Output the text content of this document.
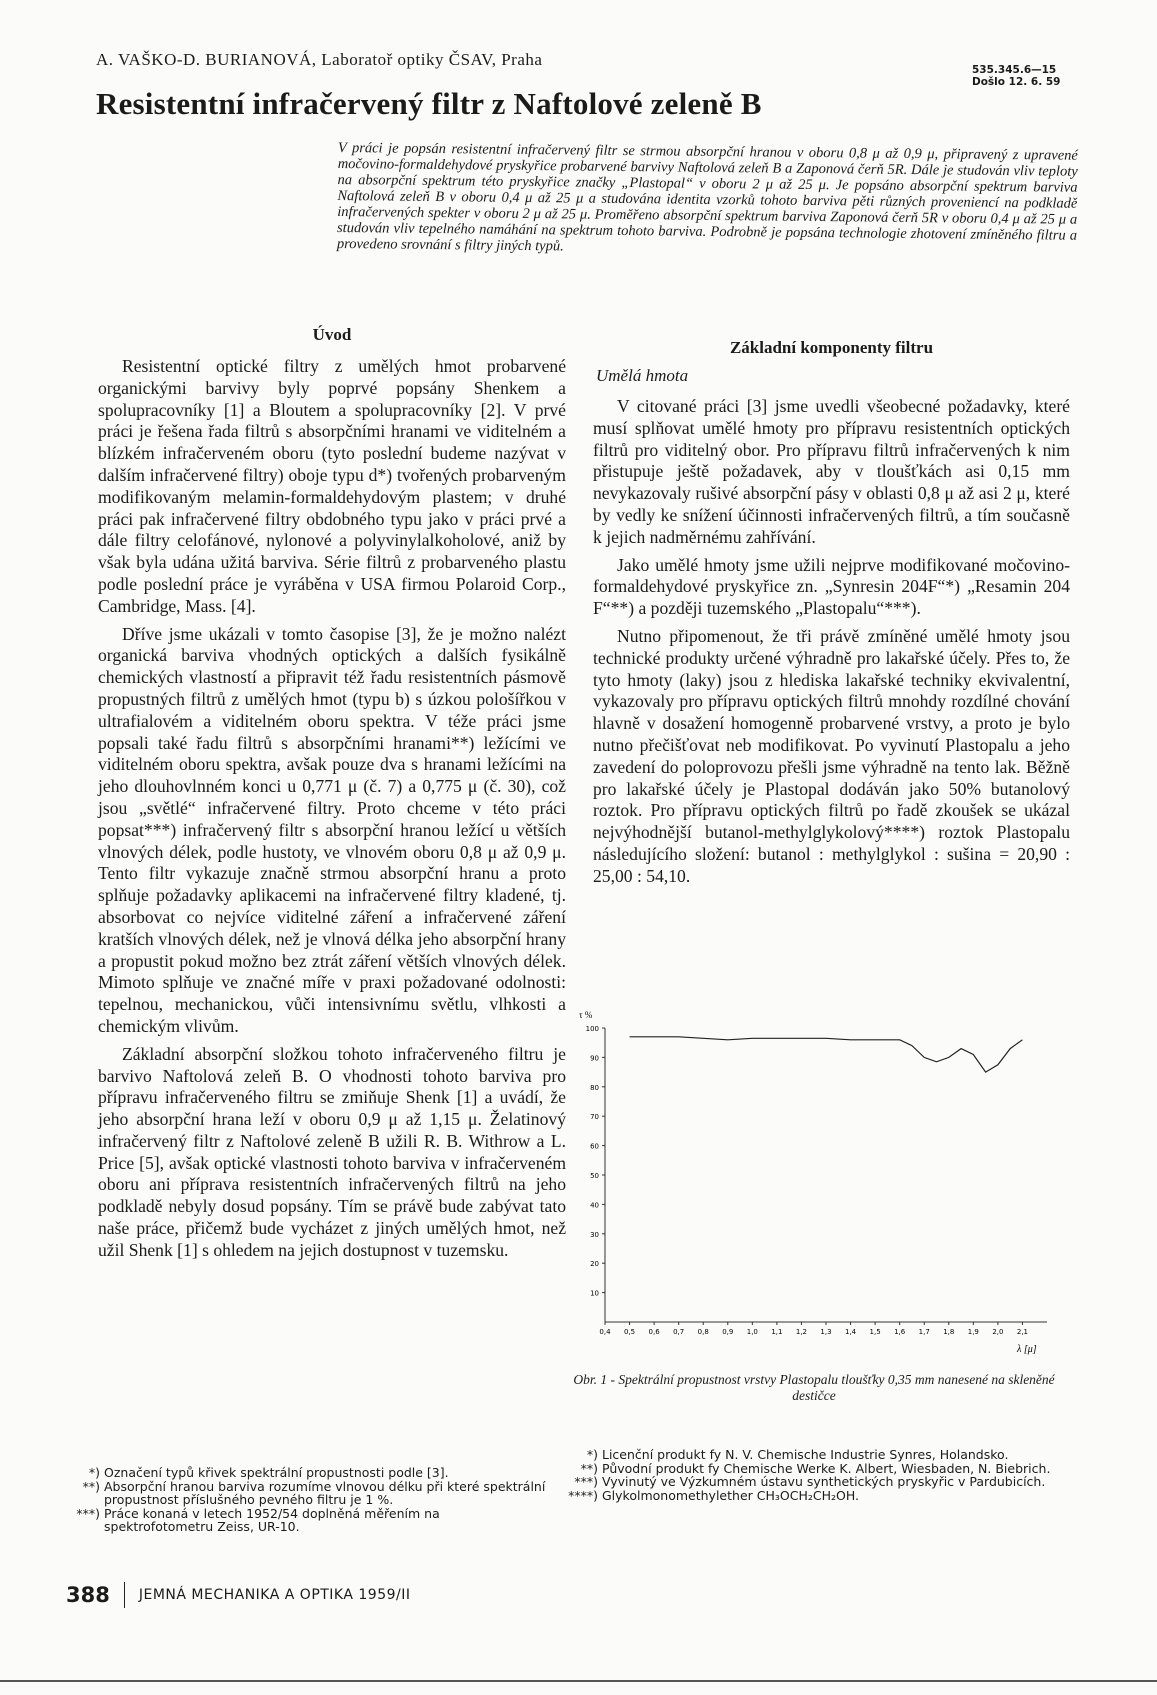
A. VAŠKO-D. BURIANOVÁ, Laboratoř optiky ČSAV, Praha
535.345.6—15
Došlo 12. 6. 59
Resistentní infračervený filtr z Naftolové zeleně B
V práci je popsán resistentní infračervený filtr se strmou absorpční hranou v oboru 0,8 μ až 0,9 μ, připravený z upravené močovino-formaldehydové pryskyřice probarvené barvivy Naftolová zeleň B a Zaponová čerň 5R. Dále je studován vliv teploty na absorpční spektrum této pryskyřice značky „Plastopal“ v oboru 2 μ až 25 μ. Je popsáno absorpční spektrum barviva Naftolová zeleň B v oboru 0,4 μ až 25 μ a studována identita vzorků tohoto barviva pěti různých proveniencí na podkladě infračervených spekter v oboru 2 μ až 25 μ. Proměřeno absorpční spektrum barviva Zaponová čerň 5R v oboru 0,4 μ až 25 μ a studován vliv tepelného namáhání na spektrum tohoto barviva. Podrobně je popsána technologie zhotovení zmíněného filtru a provedeno srovnání s filtry jiných typů.
Úvod

Resistentní optické filtry z umělých hmot probarvené organickými barvivy byly poprvé popsány Shenkem a spolupracovníky [1] a Bloutem a spolupracovníky [2]. V prvé práci je řešena řada filtrů s absorpčními hranami ve viditelném a blízkém infračerveném oboru (tyto poslední budeme nazývat v dalším infračervené filtry) oboje typu d*) tvořených probarveným modifikovaným melamin-formaldehydovým plastem; v druhé práci pak infračervené filtry obdobného typu jako v práci prvé a dále filtry celofánové, nylonové a polyvinylalkoholové, aniž by však byla udána užitá barviva. Série filtrů z probarveného plastu podle poslední práce je vyráběna v USA firmou Polaroid Corp., Cambridge, Mass. [4].

Dříve jsme ukázali v tomto časopise [3], že je možno nalézt organická barviva vhodných optických a dalších fysikálně chemických vlastností a připravit též řadu resistentních pásmově propustných filtrů z umělých hmot (typu b) s úzkou pološířkou v ultrafialovém a viditelném oboru spektra. V téže práci jsme popsali také řadu filtrů s absorpčními hranami**) ležícími ve viditelném oboru spektra, avšak pouze dva s hranami ležícími na jeho dlouhovlnném konci u 0,771 μ (č. 7) a 0,775 μ (č. 30), což jsou „světlé“ infračervené filtry. Proto chceme v této práci popsat***) infračervený filtr s absorpční hranou ležící u větších vlnových délek, podle hustoty, ve vlnovém oboru 0,8 μ až 0,9 μ. Tento filtr vykazuje značně strmou absorpční hranu a proto splňuje požadavky aplikacemi na infračervené filtry kladené, tj. absorbovat co nejvíce viditelné záření a infračervené záření kratších vlnových délek, než je vlnová délka jeho absorpční hrany a propustit pokud možno bez ztrát záření větších vlnových délek. Mimoto splňuje ve značné míře v praxi požadované odolnosti: tepelnou, mechanickou, vůči intensivnímu světlu, vlhkosti a chemickým vlivům.

Základní absorpční složkou tohoto infračerveného filtru je barvivo Naftolová zeleň B. O vhodnosti tohoto barviva pro přípravu infračerveného filtru se zmiňuje Shenk [1] a uvádí, že jeho absorpční hrana leží v oboru 0,9 μ až 1,15 μ. Želatinový infračervený filtr z Naftolové zeleně B užili R. B. Withrow a L. Price [5], avšak optické vlastnosti tohoto barviva v infračerveném oboru ani příprava resistentních infračervených filtrů na jeho podkladě nebyly dosud popsány. Tím se právě bude zabývat tato naše práce, přičemž bude vycházet z jiných umělých hmot, než užil Shenk [1] s ohledem na jejich dostupnost v tuzemsku.

Základní komponenty filtru
Umělá hmota

V citované práci [3] jsme uvedli všeobecné požadavky, které musí splňovat umělé hmoty pro přípravu resistentních optických filtrů pro viditelný obor. Pro přípravu filtrů infračervených k nim přistupuje ještě požadavek, aby v tloušťkách asi 0,15 mm nevykazovaly rušivé absorpční pásy v oblasti 0,8 μ až asi 2 μ, které by vedly ke snížení účinnosti infračervených filtrů, a tím současně k jejich nadměrnému zahřívání.

Jako umělé hmoty jsme užili nejprve modifikované močovino-formaldehydové pryskyřice zn. „Synresin 204F“*) „Resamin 204 F“**) a později tuzemského „Plastopalu“***).

Nutno připomenout, že tři právě zmíněné umělé hmoty jsou technické produkty určené výhradně pro lakařské účely. Přes to, že tyto hmoty (laky) jsou z hlediska lakařské techniky ekvivalentní, vykazovaly pro přípravu optických filtrů mnohdy rozdílné chování hlavně v dosažení homogenně probarvené vrstvy, a proto je bylo nutno přečišťovat neb modifikovat. Po vyvinutí Plastopalu a jeho zavedení do poloprovozu přešli jsme výhradně na tento lak. Běžně pro lakařské účely je Plastopal dodáván jako 50% butanolový roztok. Pro přípravu optických filtrů po řadě zkoušek se ukázal nejvýhodnější butanol-methylglykolový****) roztok Plastopalu následujícího složení: butanol : methylglykol : sušina = 20,90 : 25,00 : 54,10.

100
90
80
70
60
50
40
30
20
10
0,4 0,5 0,6 0,7 0,8 0,9 1,0 1,1 1,2 1,3 1,4 1,5 1,6 1,7 1,8 1,9 2,0 2,1
τ %
λ [μ]
Obr. 1 - Spektrální propustnost vrstvy Plastopalu tloušťky 0,35 mm nanesené na skleněné destičce
*) Označení typů křivek spektrální propustnosti podle [3].
**) Absorpční hranou barviva rozumíme vlnovou délku při které spektrální propustnost příslušného pevného filtru je 1 %.
***) Práce konaná v letech 1952/54 doplněná měřením na spektrofotometru Zeiss, UR-10.
*) Licenční produkt fy N. V. Chemische Industrie Synres, Holandsko.
**) Původní produkt fy Chemische Werke K. Albert, Wiesbaden, N. Biebrich.
***) Vyvinutý ve Výzkumném ústavu synthetických pryskyřic v Pardubicích.
****) Glykolmonomethylether CH₃OCH₂CH₂OH.
388 JEMNÁ MECHANIKA A OPTIKA 1959/II
